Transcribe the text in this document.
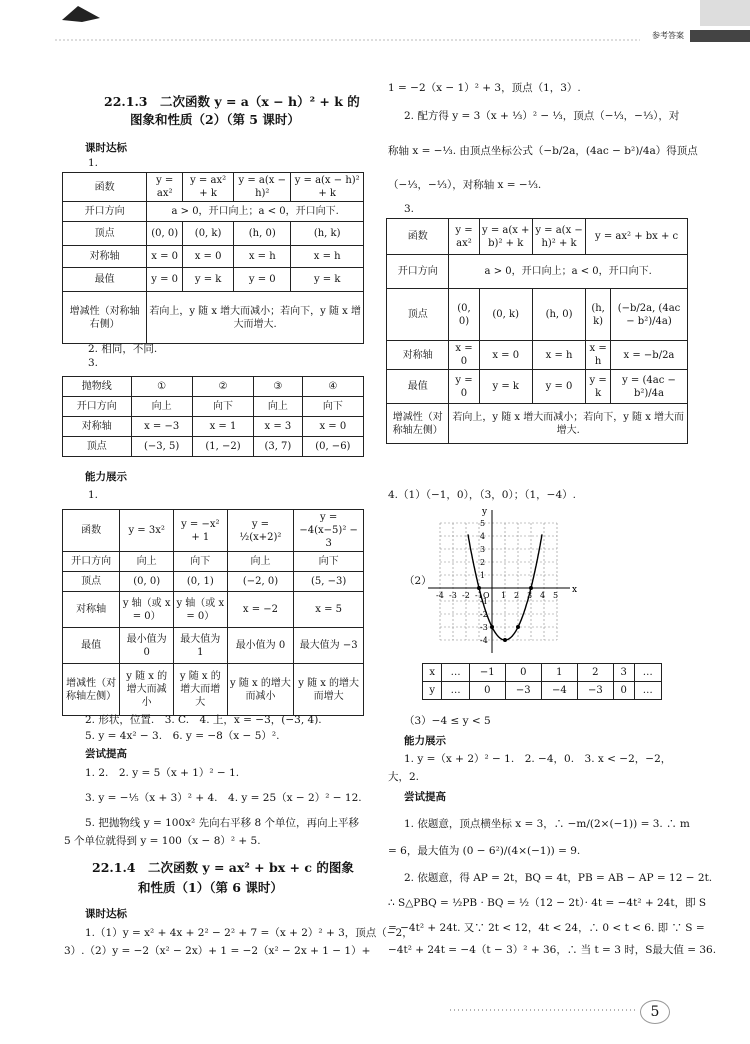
参考答案
22.1.3　二次函数 y = a（x − h）² + k 的
图象和性质（2）（第 5 课时）
课时达标
1.
函数	y = ax²	y = ax² + k	y = a(x − h)²	y = a(x − h)² + k
开口方向	a > 0，开口向上；a < 0，开口向下.			
顶点	(0, 0)	(0, k)	(h, 0)	(h, k)
对称轴	x = 0	x = 0	x = h	x = h
最值	y = 0	y = k	y = 0	y = k
增减性（对称轴右侧）	若向上，y 随 x 增大而减小；若向下，y 随 x 增大而增大.			
2. 相同，不同.
3.
抛物线	①	②	③	④
开口方向	向上	向下	向上	向下
对称轴	x = −3	x = 1	x = 3	x = 0
顶点	(−3, 5)	(1, −2)	(3, 7)	(0, −6)
能力展示
1.
函数	y = 3x²	y = −x² + 1	y = ½(x+2)²	y = −4(x−5)² − 3
开口方向	向上	向下	向上	向下
顶点	(0, 0)	(0, 1)	(−2, 0)	(5, −3)
对称轴	y 轴（或 x = 0）	y 轴（或 x = 0）	x = −2	x = 5
最值	最小值为 0	最大值为 1	最小值为 0	最大值为 −3
增减性（对称轴左侧）	y 随 x 的增大而减小	y 随 x 的增大而增大	y 随 x 的增大而减小	y 随 x 的增大而增大
2. 形状，位置.　3. C.　4. 上，x = −3，(−3, 4).
5. y = 4x² − 3.　6. y = −8（x − 5）².
尝试提高
1. 2.　2. y = 5（x + 1）² − 1.
3. y = −⅕（x + 3）² + 4.　4. y = 25（x − 2）² − 12.
5. 把抛物线 y = 100x² 先向右平移 8 个单位，再向上平移
5 个单位就得到 y = 100（x − 8）² + 5.
22.1.4　二次函数 y = ax² + bx + c 的图象
和性质（1）（第 6 课时）
课时达标
1.（1）y = x² + 4x + 2² − 2² + 7 =（x + 2）² + 3，顶点（−2，
3）.（2）y = −2（x² − 2x）+ 1 = −2（x² − 2x + 1 − 1）+
1 = −2（x − 1）² + 3，顶点（1，3）.
2. 配方得 y = 3（x + ⅓）² − ⅓，顶点（−⅓，−⅓），对
称轴 x = −⅓. 由顶点坐标公式（−b/2a，(4ac − b²)/4a）得顶点
（−⅓，−⅓），对称轴 x = −⅓.
3.
函数	y = ax²	y = a(x + b)² + k	y = a(x − h)² + k	y = ax² + bx + c	
开口方向	a > 0，开口向上；a < 0，开口向下.				
顶点	(0, 0)	(0, k)	(h, 0)	(h, k)	(−b/2a, (4ac − b²)/4a)
对称轴	x = 0	x = 0	x = h	x = h	x = −b/2a
最值	y = 0	y = k	y = 0	y = k	y = (4ac − b²)/4a
增减性（对称轴左侧）	若向上，y 随 x 增大而减小；若向下，y 随 x 增大而增大.				
4.（1）（−1，0），（3，0）；（1，−4）.
（2）
x
y
O
-4 -3 -2 -1 1 2 3 4 5
5
4
3
2
1
-1
-2
-3
-4
x	…	−1	0	1	2	3	…
y	…	0	−3	−4	−3	0	…
（3）−4 ≤ y < 5
能力展示
1. y =（x + 2）² − 1.　2. −4，0.　3. x < −2，−2，
大，2.
尝试提高
1. 依题意，顶点横坐标 x = 3，∴ −m/(2×(−1)) = 3. ∴ m
= 6，最大值为 (0 − 6²)/(4×(−1)) = 9.
2. 依题意，得 AP = 2t，BQ = 4t，PB = AB − AP = 12 − 2t.
∴ S△PBQ = ½PB · BQ = ½（12 − 2t）· 4t = −4t² + 24t，即 S
= −4t² + 24t. 又∵ 2t < 12，4t < 24，∴ 0 < t < 6. 即 ∵ S =
−4t² + 24t = −4（t − 3）² + 36，∴ 当 t = 3 时，S最大值 = 36.
5
